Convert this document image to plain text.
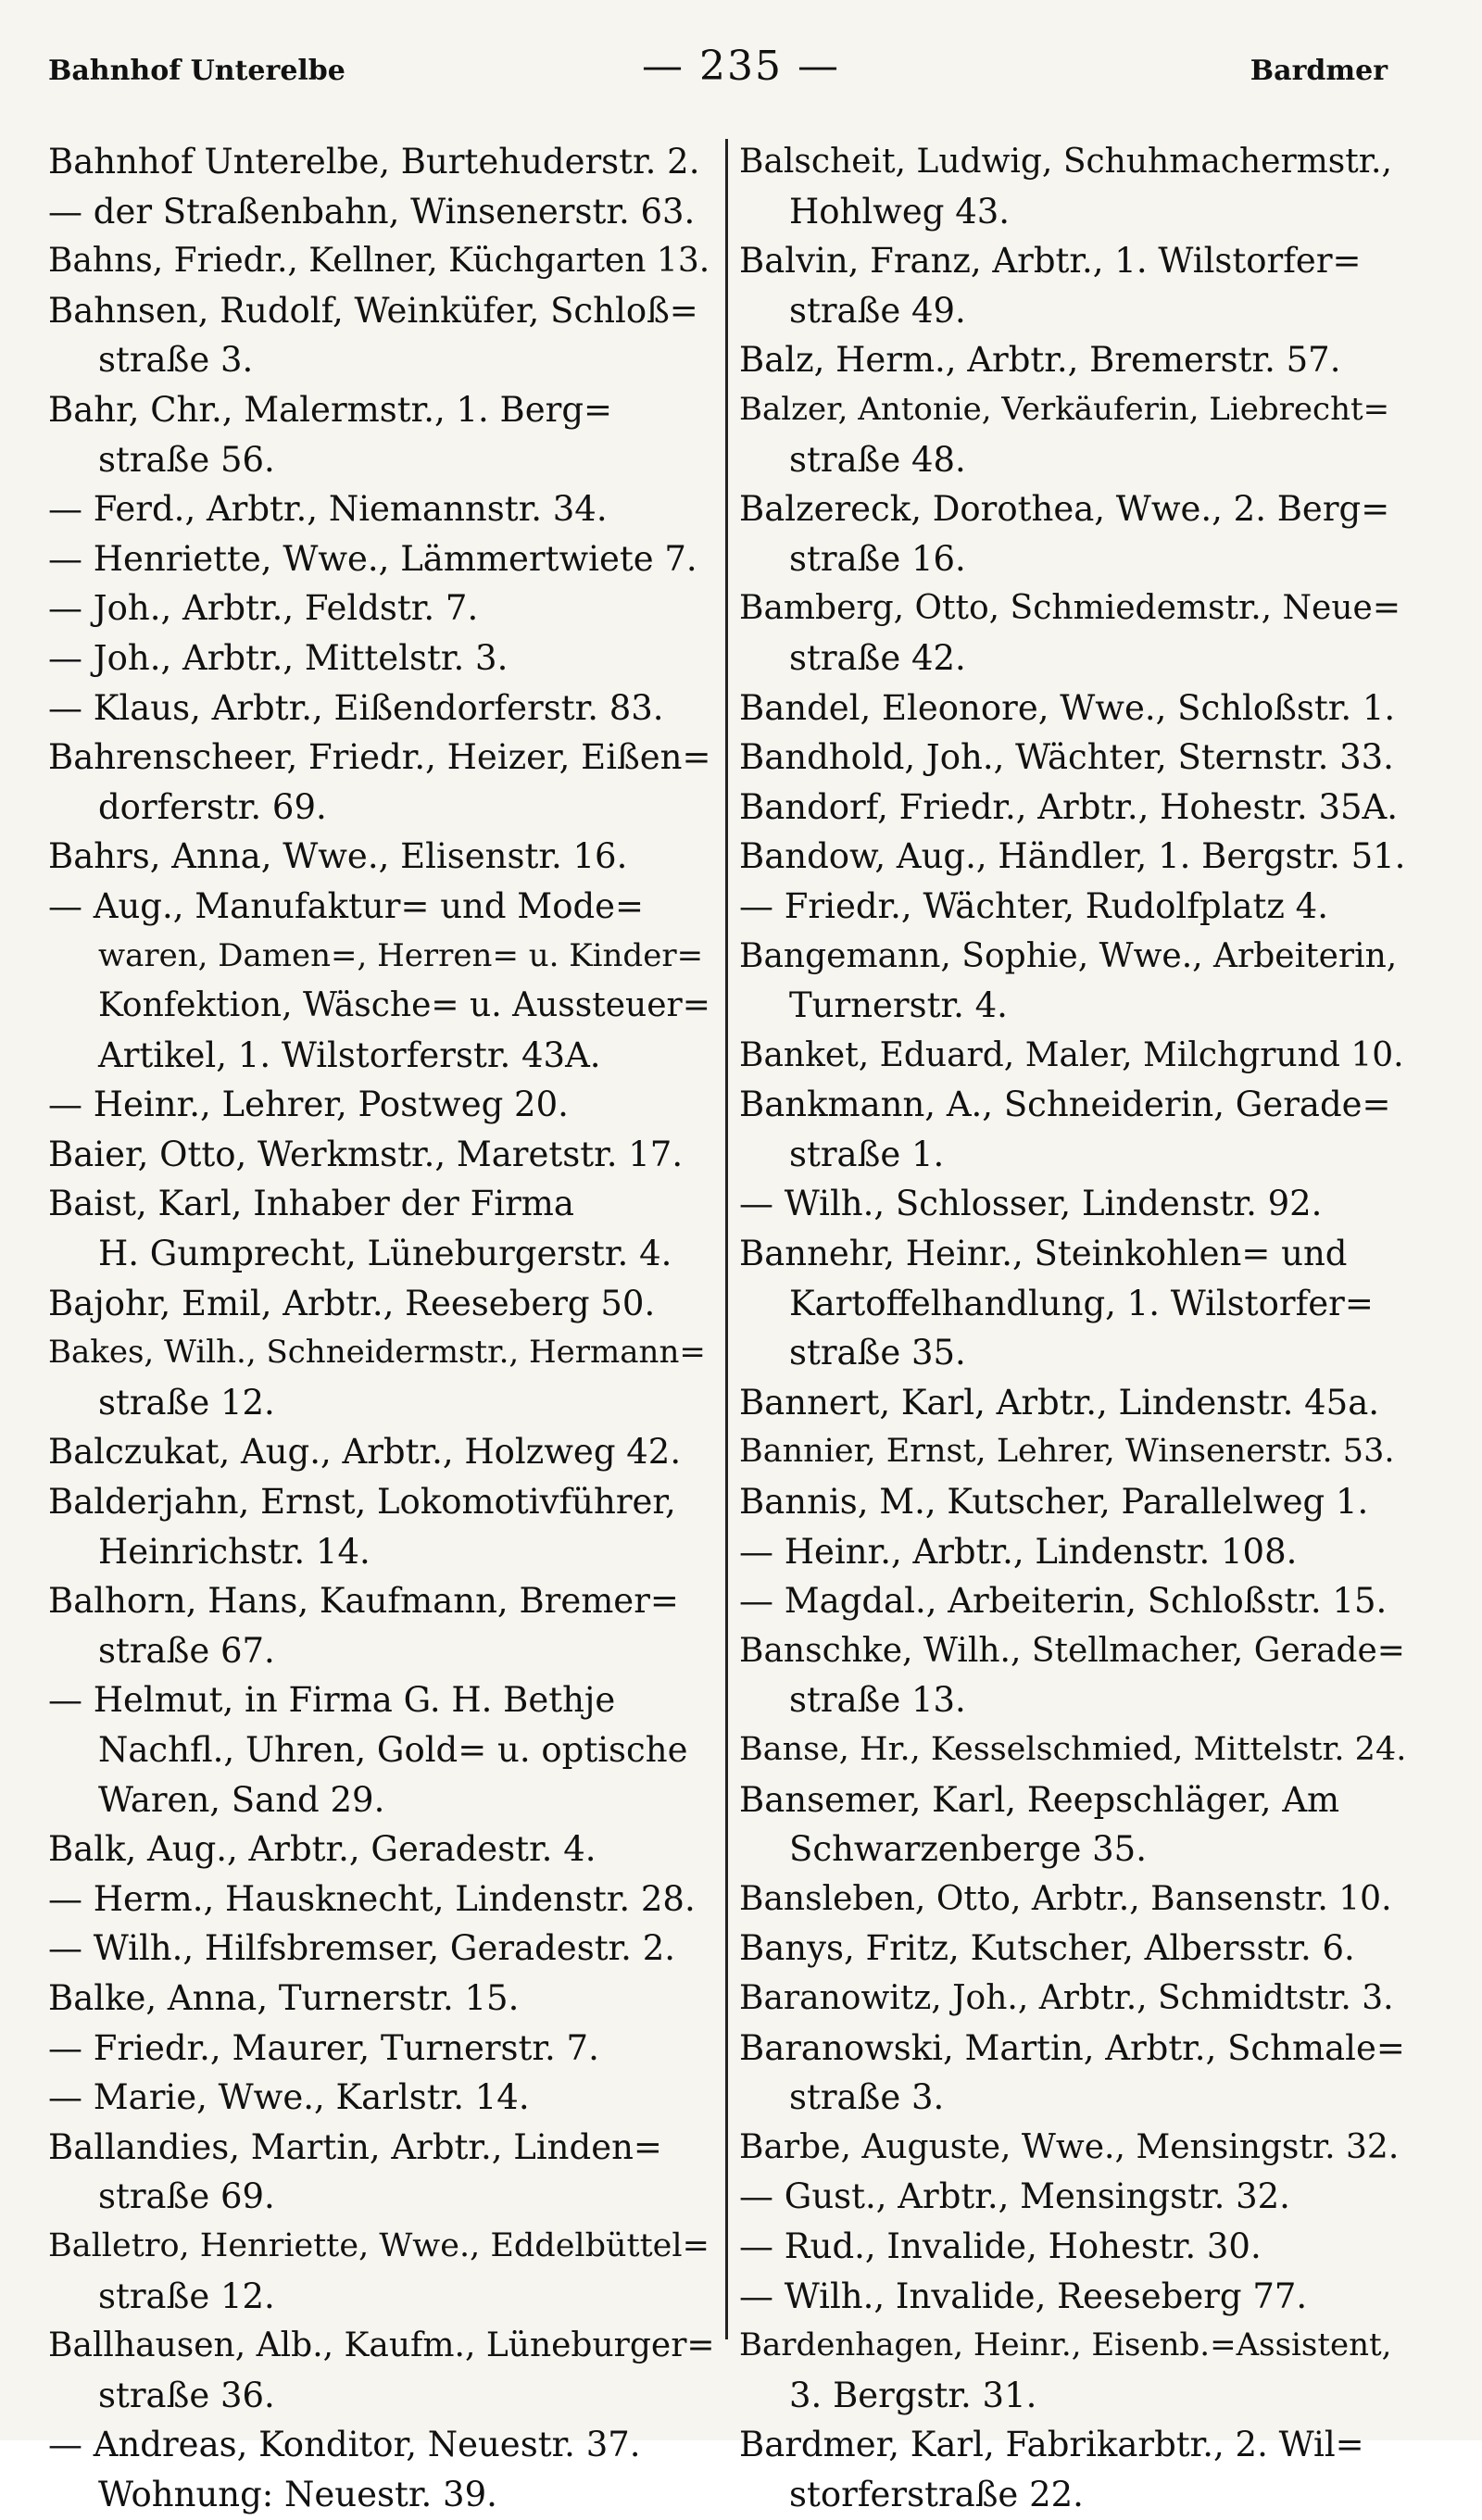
Bahnhof Unterelbe	— 235 —	Bardmer
Bahnhof Unterelbe, Burtehuderstr. 2.
— der Straßenbahn, Winsenerstr. 63.
Bahns, Friedr., Kellner, Küchgarten 13.
Bahnsen, Rudolf, Weinküfer, Schloß=
straße 3.
Bahr, Chr., Malermstr., 1. Berg=
straße 56.
— Ferd., Arbtr., Niemannstr. 34.
— Henriette, Wwe., Lämmertwiete 7.
— Joh., Arbtr., Feldstr. 7.
— Joh., Arbtr., Mittelstr. 3.
— Klaus, Arbtr., Eißendorferstr. 83.
Bahrenscheer, Friedr., Heizer, Eißen=
dorferstr. 69.
Bahrs, Anna, Wwe., Elisenstr. 16.
— Aug., Manufaktur= und Mode=
waren, Damen=, Herren= u. Kinder=
Konfektion, Wäsche= u. Aussteuer=
Artikel, 1. Wilstorferstr. 43A.
— Heinr., Lehrer, Postweg 20.
Baier, Otto, Werkmstr., Maretstr. 17.
Baist, Karl, Inhaber der Firma
H. Gumprecht, Lüneburgerstr. 4.
Bajohr, Emil, Arbtr., Reeseberg 50.
Bakes, Wilh., Schneidermstr., Hermann=
straße 12.
Balczukat, Aug., Arbtr., Holzweg 42.
Balderjahn, Ernst, Lokomotivführer,
Heinrichstr. 14.
Balhorn, Hans, Kaufmann, Bremer=
straße 67.
— Helmut, in Firma G. H. Bethje
Nachfl., Uhren, Gold= u. optische
Waren, Sand 29.
Balk, Aug., Arbtr., Geradestr. 4.
— Herm., Hausknecht, Lindenstr. 28.
— Wilh., Hilfsbremser, Geradestr. 2.
Balke, Anna, Turnerstr. 15.
— Friedr., Maurer, Turnerstr. 7.
— Marie, Wwe., Karlstr. 14.
Ballandies, Martin, Arbtr., Linden=
straße 69.
Balletro, Henriette, Wwe., Eddelbüttel=
straße 12.
Ballhausen, Alb., Kaufm., Lüneburger=
straße 36.
— Andreas, Konditor, Neuestr. 37.
Wohnung: Neuestr. 39.
Balscheit, Ludwig, Schuhmachermstr.,
Hohlweg 43.
Balvin, Franz, Arbtr., 1. Wilstorfer=
straße 49.
Balz, Herm., Arbtr., Bremerstr. 57.
Balzer, Antonie, Verkäuferin, Liebrecht=
straße 48.
Balzereck, Dorothea, Wwe., 2. Berg=
straße 16.
Bamberg, Otto, Schmiedemstr., Neue=
straße 42.
Bandel, Eleonore, Wwe., Schloßstr. 1.
Bandhold, Joh., Wächter, Sternstr. 33.
Bandorf, Friedr., Arbtr., Hohestr. 35A.
Bandow, Aug., Händler, 1. Bergstr. 51.
— Friedr., Wächter, Rudolfplatz 4.
Bangemann, Sophie, Wwe., Arbeiterin,
Turnerstr. 4.
Banket, Eduard, Maler, Milchgrund 10.
Bankmann, A., Schneiderin, Gerade=
straße 1.
— Wilh., Schlosser, Lindenstr. 92.
Bannehr, Heinr., Steinkohlen= und
Kartoffelhandlung, 1. Wilstorfer=
straße 35.
Bannert, Karl, Arbtr., Lindenstr. 45a.
Bannier, Ernst, Lehrer, Winsenerstr. 53.
Bannis, M., Kutscher, Parallelweg 1.
— Heinr., Arbtr., Lindenstr. 108.
— Magdal., Arbeiterin, Schloßstr. 15.
Banschke, Wilh., Stellmacher, Gerade=
straße 13.
Banse, Hr., Kesselschmied, Mittelstr. 24.
Bansemer, Karl, Reepschläger, Am
Schwarzenberge 35.
Bansleben, Otto, Arbtr., Bansenstr. 10.
Banys, Fritz, Kutscher, Albersstr. 6.
Baranowitz, Joh., Arbtr., Schmidtstr. 3.
Baranowski, Martin, Arbtr., Schmale=
straße 3.
Barbe, Auguste, Wwe., Mensingstr. 32.
— Gust., Arbtr., Mensingstr. 32.
— Rud., Invalide, Hohestr. 30.
— Wilh., Invalide, Reeseberg 77.
Bardenhagen, Heinr., Eisenb.=Assistent,
3. Bergstr. 31.
Bardmer, Karl, Fabrikarbtr., 2. Wil=
storferstraße 22.
